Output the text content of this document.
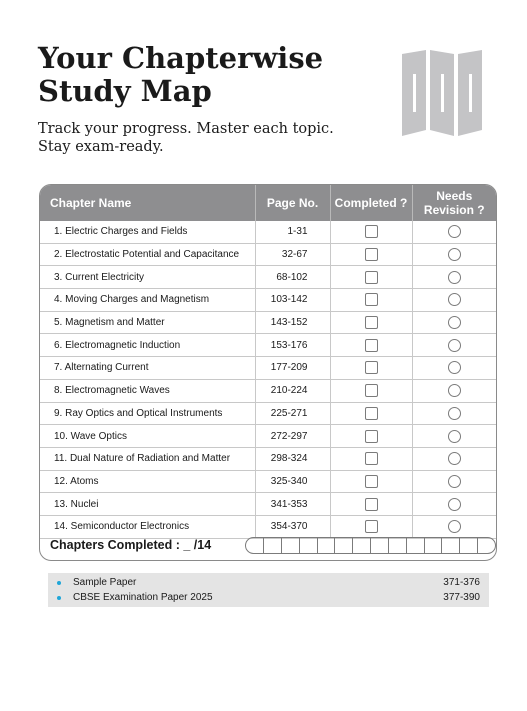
Your Chapterwise
Study Map

Track your progress. Master each topic.
Stay exam-ready.

Chapter Name	Page No.	Completed ?	Needs
Revision ?
1. Electric Charges and Fields	1-31		
2. Electrostatic Potential and Capacitance	32-67		
3. Current Electricity	68-102		
4. Moving Charges and Magnetism	103-142		
5. Magnetism and Matter	143-152		
6. Electromagnetic Induction	153-176		
7. Alternating Current	177-209		
8. Electromagnetic Waves	210-224		
9. Ray Optics and Optical Instruments	225-271		
10. Wave Optics	272-297		
11. Dual Nature of Radiation and Matter	298-324		
12. Atoms	325-340		
13. Nuclei	341-353		
14. Semiconductor Electronics	354-370		
Chapters Completed : _ /14
Sample Paper	371-376
CBSE Examination Paper 2025	377-390
